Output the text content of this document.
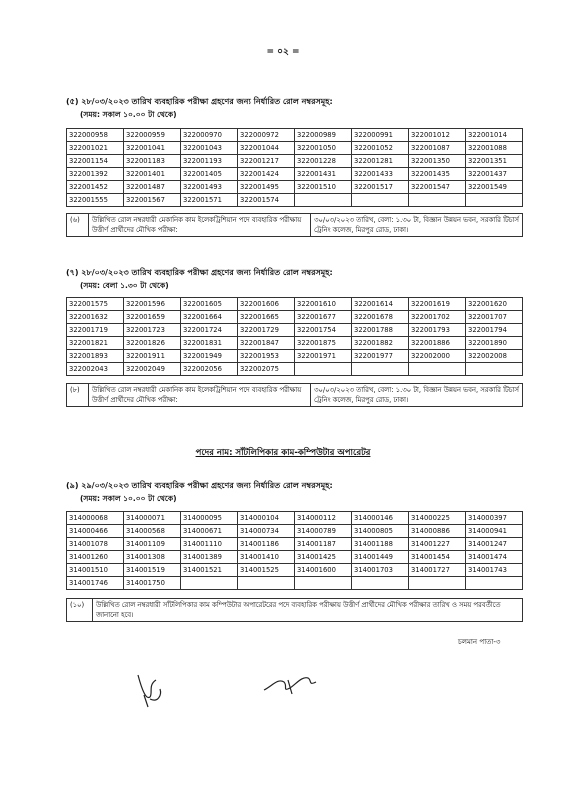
= ০২ =
(৫) ২৮/০৩/২০২৩ তারিখ ব্যবহারিক পরীক্ষা গ্রহণের জন্য নির্ধারিত রোল নম্বরসমূহ:
(সময়: সকাল ১০.০০ টা থেকে)
322000958	322000959	322000970	322000972	322000989	322000991	322001012	322001014
322001021	322001041	322001043	322001044	322001050	322001052	322001087	322001088
322001154	322001183	322001193	322001217	322001228	322001281	322001350	322001351
322001392	322001401	322001405	322001424	322001431	322001433	322001435	322001437
322001452	322001487	322001493	322001495	322001510	322001517	322001547	322001549
322001555	322001567	322001571	322001574				
(৬)	উল্লিখিত রোল নম্বরধারী মেকানিক কাম ইলেকট্রিশিয়ান পদে ব্যবহারিক পরীক্ষায় উত্তীর্ণ প্রার্থীদের মৌখিক পরীক্ষা:	৩০/০৩/২০২৩ তারিখ, বেলা: ১.৩০ টা, বিজ্ঞান উন্নয়ন ভবন, সরকারি টিচার্স ট্রেনিং কলেজ, মিরপুর রোড, ঢাকা।
(৭) ২৮/০৩/২০২৩ তারিখ ব্যবহারিক পরীক্ষা গ্রহণের জন্য নির্ধারিত রোল নম্বরসমূহ:
(সময়: বেলা ১.৩০ টা থেকে)
322001575	322001596	322001605	322001606	322001610	322001614	322001619	322001620
322001632	322001659	322001664	322001665	322001677	322001678	322001702	322001707
322001719	322001723	322001724	322001729	322001754	322001788	322001793	322001794
322001821	322001826	322001831	322001847	322001875	322001882	322001886	322001890
322001893	322001911	322001949	322001953	322001971	322001977	322002000	322002008
322002043	322002049	322002056	322002075				
(৮)	উল্লিখিত রোল নম্বরধারী মেকানিক কাম ইলেকট্রিশিয়ান পদে ব্যবহারিক পরীক্ষায় উত্তীর্ণ প্রার্থীদের মৌখিক পরীক্ষা:	৩০/০৩/২০২৩ তারিখ, বেলা: ১.৩০ টা, বিজ্ঞান উন্নয়ন ভবন, সরকারি টিচার্স ট্রেনিং কলেজ, মিরপুর রোড, ঢাকা।
পদের নাম: সাঁটলিপিকার কাম-কম্পিউটার অপারেটর
(৯) ২৯/০৩/২০২৩ তারিখ ব্যবহারিক পরীক্ষা গ্রহণের জন্য নির্ধারিত রোল নম্বরসমূহ:
(সময়: সকাল ১০.০০ টা থেকে)
314000068	314000071	314000095	314000104	314000112	314000146	314000225	314000397
314000466	314000568	314000671	314000734	314000789	314000805	314000886	314000941
314001078	314001109	314001110	314001186	314001187	314001188	314001227	314001247
314001260	314001308	314001389	314001410	314001425	314001449	314001454	314001474
314001510	314001519	314001521	314001525	314001600	314001703	314001727	314001743
314001746	314001750						
(১০)	উল্লিখিত রোল নম্বরধারী সাঁটলিপিকার কাম কম্পিউটার অপারেটরের পদে ব্যবহারিক পরীক্ষায় উত্তীর্ণ প্রার্থীদের মৌখিক পরীক্ষার তারিখ ও সময় পরবর্তীতে জানানো হবে।
চলমান পাতা-৩
